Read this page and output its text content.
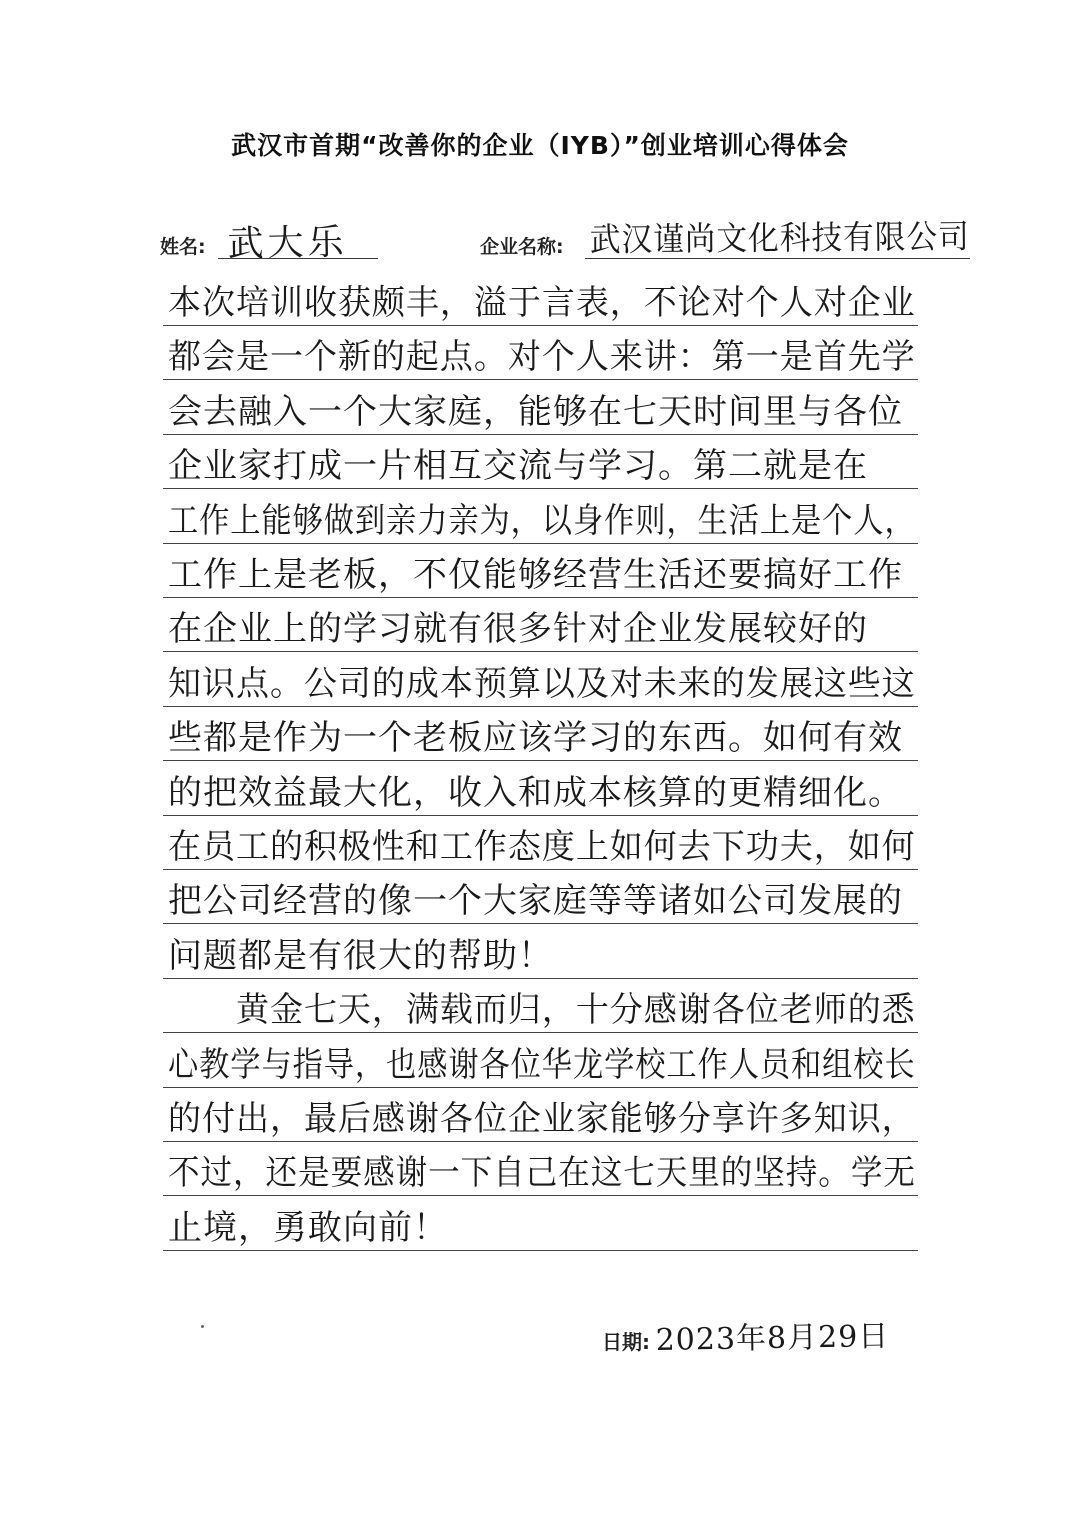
武汉市首期“改善你的企业（IYB）”创业培训心得体会
姓名: 武大乐	企业名称: 武汉谨尚文化科技有限公司
本次培训收获颇丰，溢于言表，不论对个人对企业
都会是一个新的起点。对个人来讲：第一是首先学
会去融入一个大家庭，能够在七天时间里与各位
企业家打成一片相互交流与学习。第二就是在
工作上能够做到亲力亲为，以身作则，生活上是个人，
工作上是老板，不仅能够经营生活还要搞好工作
在企业上的学习就有很多针对企业发展较好的
知识点。公司的成本预算以及对未来的发展这些这
些都是作为一个老板应该学习的东西。如何有效
的把效益最大化，收入和成本核算的更精细化。
在员工的积极性和工作态度上如何去下功夫，如何
把公司经营的像一个大家庭等等诸如公司发展的
问题都是有很大的帮助！
　　黄金七天，满载而归，十分感谢各位老师的悉
心教学与指导，也感谢各位华龙学校工作人员和组校长
的付出，最后感谢各位企业家能够分享许多知识，
不过，还是要感谢一下自己在这七天里的坚持。学无
止境，勇敢向前！
日期: 2023年8月29日
